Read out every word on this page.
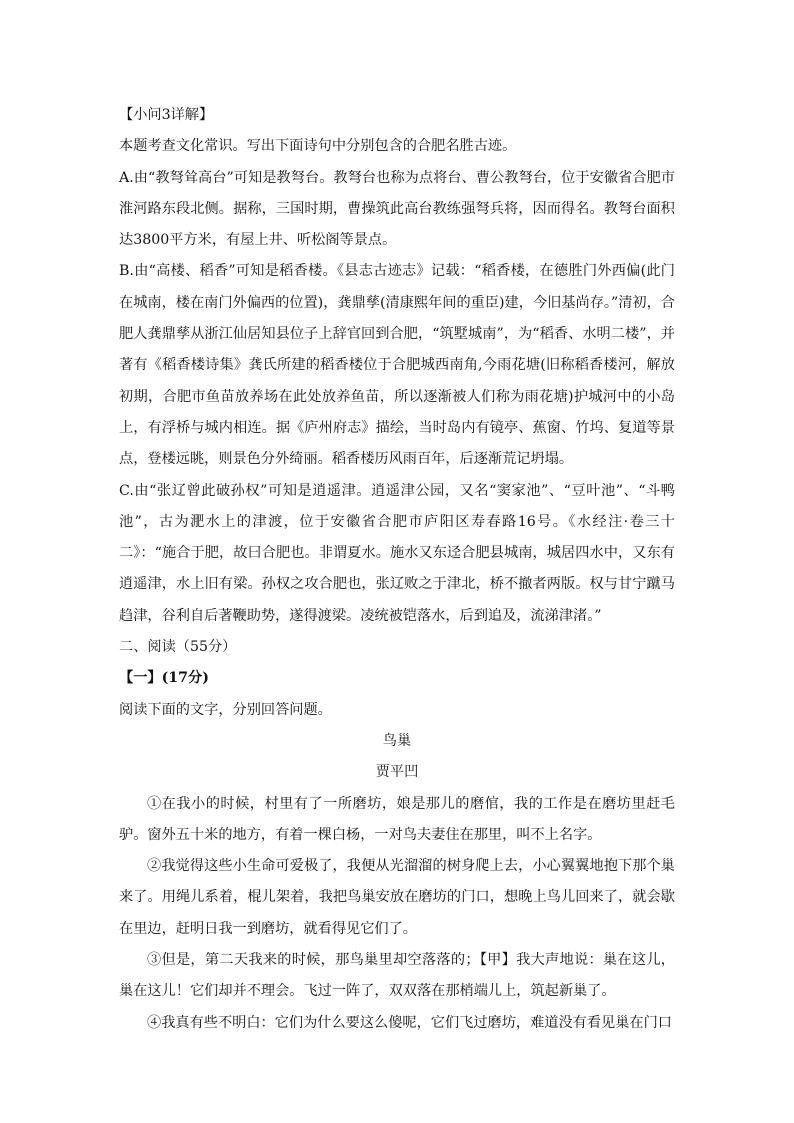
【小问3详解】

本题考查文化常识。写出下面诗句中分别包含的合肥名胜古迹。

A.由“教弩耸高台”可知是教弩台。教弩台也称为点将台、曹公教弩台，位于安徽省合肥市淮河路东段北侧。据称，三国时期，曹操筑此高台教练强弩兵将，因而得名。教弩台面积达3800平方米，有屋上井、听松阁等景点。

B.由“高楼、稻香”可知是稻香楼。《县志古迹志》记载：“稻香楼，在德胜门外西偏(此门在城南，楼在南门外偏西的位置)，龚鼎孳(清康熙年间的重臣)建，今旧基尚存。”清初，合肥人龚鼎孳从浙江仙居知县位子上辞官回到合肥，“筑墅城南”，为“稻香、水明二楼”，并著有《稻香楼诗集》龚氏所建的稻香楼位于合肥城西南角,今雨花塘(旧称稻香楼河，解放初期，合肥市鱼苗放养场在此处放养鱼苗，所以逐渐被人们称为雨花塘)护城河中的小岛上，有浮桥与城内相连。据《庐州府志》描绘，当时岛内有镜亭、蕉窗、竹坞、复道等景点，登楼远眺，则景色分外绮丽。稻香楼历风雨百年，后逐渐荒记坍塌。

C.由“张辽曾此破孙权”可知是逍遥津。逍遥津公园，又名“窦家池”、“豆叶池”、“斗鸭池”，古为淝水上的津渡，位于安徽省合肥市庐阳区寿春路16号。《水经注·卷三十二》：“施合于肥，故曰合肥也。非谓夏水。施水又东迳合肥县城南，城居四水中，又东有逍遥津，水上旧有梁。孙权之攻合肥也，张辽败之于津北，桥不撤者两版。权与甘宁蹴马趋津，谷利自后著鞭助势，遂得渡梁。凌统被铠落水，后到追及，流涕津渚。”

二、阅读（55分）

【一】(17分)

阅读下面的文字，分别回答问题。

鸟巢

贾平凹

①在我小的时候，村里有了一所磨坊，娘是那儿的磨倌，我的工作是在磨坊里赶毛驴。窗外五十米的地方，有着一棵白杨，一对鸟夫妻住在那里，叫不上名字。

②我觉得这些小生命可爱极了，我便从光溜溜的树身爬上去，小心翼翼地抱下那个巢来了。用绳儿系着，棍儿架着，我把鸟巢安放在磨坊的门口，想晚上鸟儿回来了，就会歇在里边，赶明日我一到磨坊，就看得见它们了。

③但是，第二天我来的时候，那鸟巢里却空落落的；【甲】我大声地说：巢在这儿，巢在这儿！它们却并不理会。飞过一阵了，双双落在那梢端儿上，筑起新巢了。

④我真有些不明白：它们为什么要这么傻呢，它们飞过磨坊，难道没有看见巢在门口
